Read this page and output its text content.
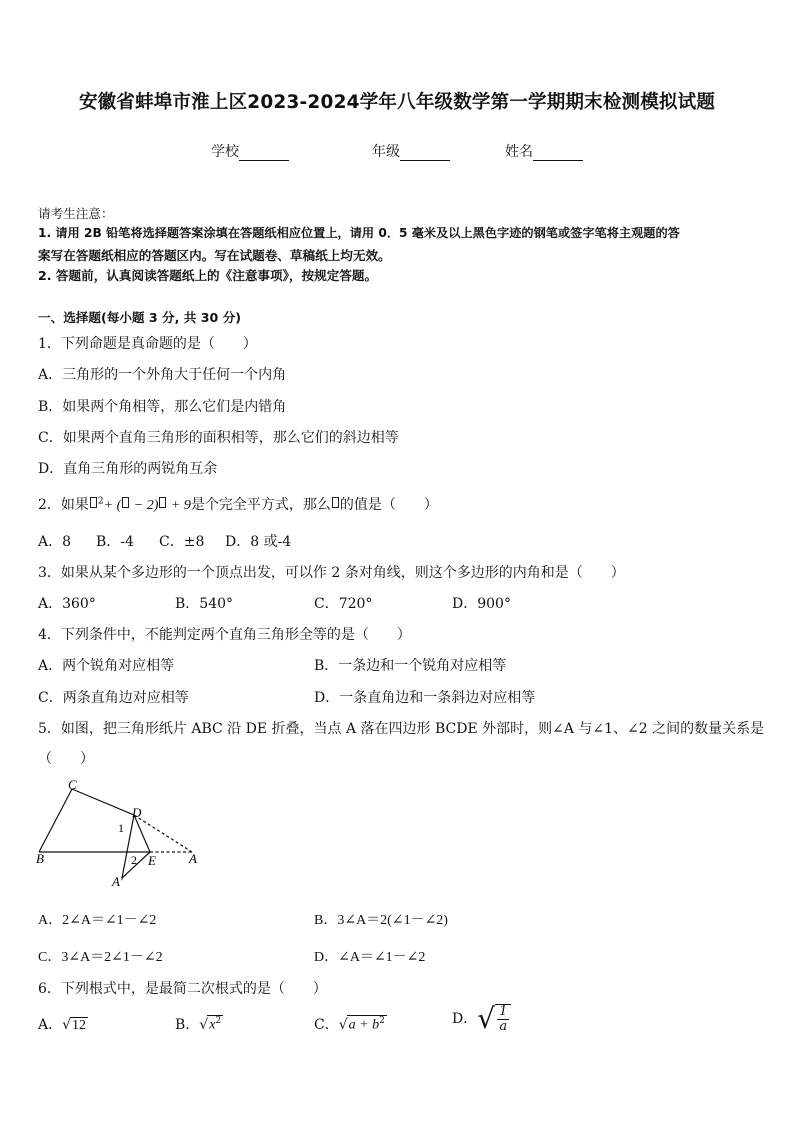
安徽省蚌埠市淮上区2023-2024学年八年级数学第一学期期末检测模拟试题
学校	年级	姓名
请考生注意：
1. 请用 2B 铅笔将选择题答案涂填在答题纸相应位置上，请用 0．5 毫米及以上黑色字迹的钢笔或签字笔将主观题的答
案写在答题纸相应的答题区内。写在试题卷、草稿纸上均无效。
2. 答题前，认真阅读答题纸上的《注意事项》，按规定答题。
一、选择题(每小题 3 分, 共 30 分)
1．下列命题是真命题的是（　　）
A．三角形的一个外角大于任何一个内角
B．如果两个角相等，那么它们是内错角
C．如果两个直角三角形的面积相等，那么它们的斜边相等
D．直角三角形的两锐角互余
2．如果 $^2$+ ( − 2) + 9是个完全平方式，那么 的值是（　　）
A．8 B．-4 C．±8 D．8 或-4
3．如果从某个多边形的一个顶点出发，可以作 2 条对角线，则这个多边形的内角和是（　　）
A．360°	B．540°	C．720°	D．900°
4．下列条件中，不能判定两个直角三角形全等的是（　　）
A．两个锐角对应相等	B．一条边和一个锐角对应相等
C．两条直角边对应相等	D．一条直角边和一条斜边对应相等
5．如图，把三角形纸片 ABC 沿 DE 折叠，当点 A 落在四边形 BCDE 外部时，则∠A 与∠1、∠2 之间的数量关系是
（　　）
C
D
B	E	A
A′
1
2
A．2∠A＝∠1－∠2	B．3∠A＝2(∠1－∠2)
C．3∠A＝2∠1－∠2	D．∠A＝∠1－∠2
6．下列根式中，是最简二次根式的是（　　）
A．√12	B．$√x^2$	C．$√a + b^2$	D． √ $\frac{1}{a}$
